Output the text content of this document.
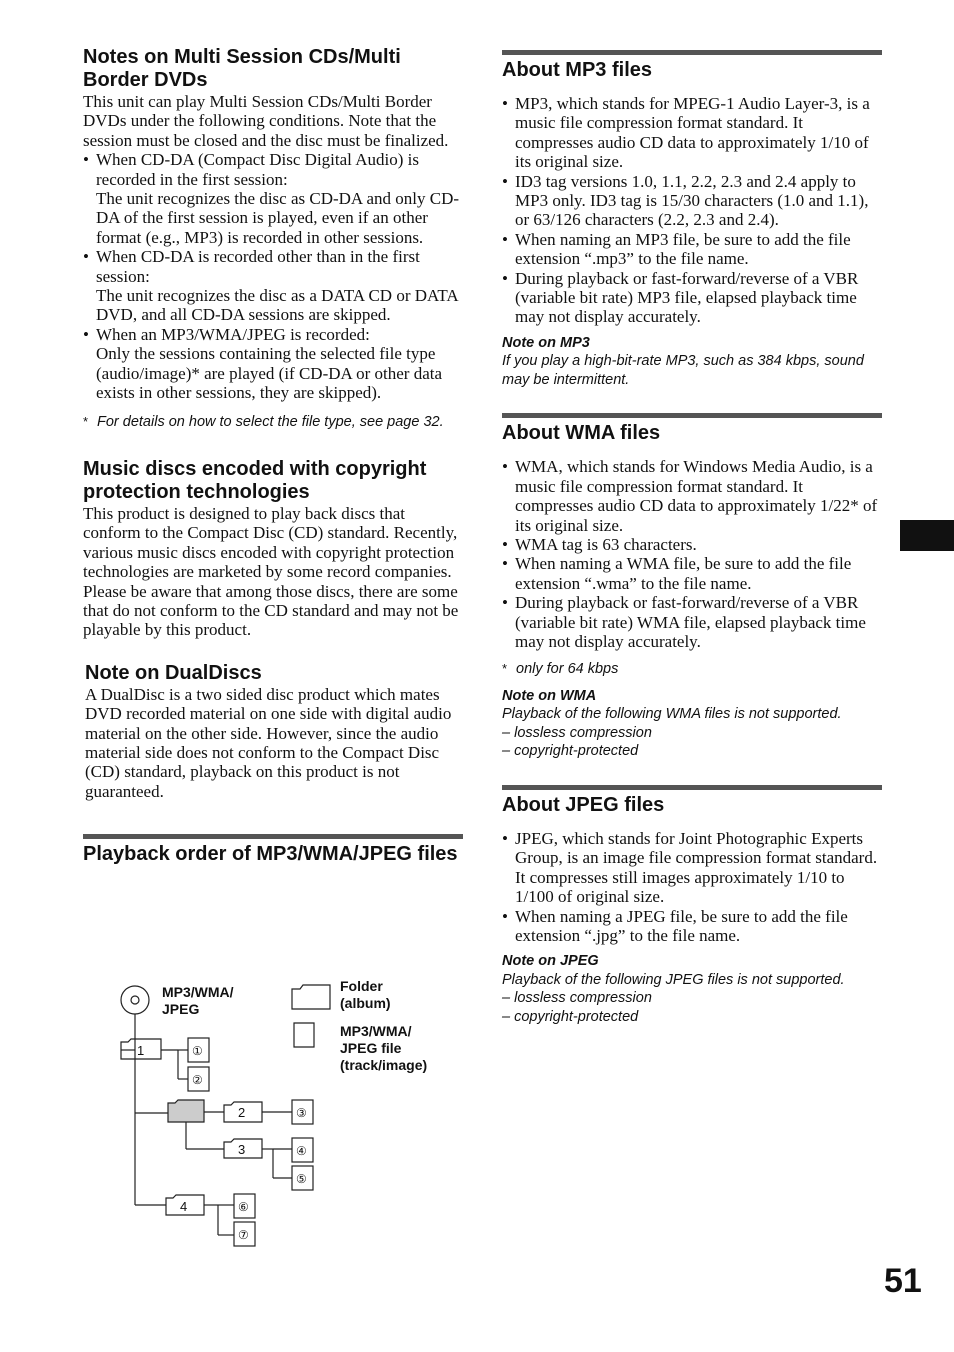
Notes on Multi Session CDs/Multi Border DVDs

This unit can play Multi Session CDs/Multi Border DVDs under the following conditions. Note that the session must be closed and the disc must be finalized.

• When CD-DA (Compact Disc Digital Audio) is recorded in the first session:
The unit recognizes the disc as CD-DA and only CD-DA of the first session is played, even if an other format (e.g., MP3) is recorded in other sessions.
• When CD-DA is recorded other than in the first session:
The unit recognizes the disc as a DATA CD or DATA DVD, and all CD-DA sessions are skipped.
• When an MP3/WMA/JPEG is recorded:
Only the sessions containing the selected file type (audio/image)* are played (if CD-DA or other data exists in other sessions, they are skipped).

* For details on how to select the file type, see page 32.

Music discs encoded with copyright protection technologies

This product is designed to play back discs that conform to the Compact Disc (CD) standard. Recently, various music discs encoded with copyright protection technologies are marketed by some record companies. Please be aware that among those discs, there are some that do not conform to the CD standard and may not be playable by this product.

Note on DualDiscs

A DualDisc is a two sided disc product which mates DVD recorded material on one side with digital audio material on the other side. However, since the audio material side does not conform to the Compact Disc (CD) standard, playback on this product is not guaranteed.

Playback order of MP3/WMA/JPEG files
MP3/WMA/
JPEG
Folder
(album)
MP3/WMA/
JPEG file
(track/image)
1
2
3
4
①
②
③
④
⑤
⑥
⑦
About MP3 files
• MP3, which stands for MPEG-1 Audio Layer-3, is a music file compression format standard. It compresses audio CD data to approximately 1/10 of its original size.
• ID3 tag versions 1.0, 1.1, 2.2, 2.3 and 2.4 apply to MP3 only. ID3 tag is 15/30 characters (1.0 and 1.1), or 63/126 characters (2.2, 2.3 and 2.4).
• When naming an MP3 file, be sure to add the file extension “.mp3” to the file name.
• During playback or fast-forward/reverse of a VBR (variable bit rate) MP3 file, elapsed playback time may not display accurately.

Note on MP3

If you play a high-bit-rate MP3, such as 384 kbps, sound may be intermittent.

About WMA files
• WMA, which stands for Windows Media Audio, is a music file compression format standard. It compresses audio CD data to approximately 1/22* of its original size.
• WMA tag is 63 characters.
• When naming a WMA file, be sure to add the file extension “.wma” to the file name.
• During playback or fast-forward/reverse of a VBR (variable bit rate) WMA file, elapsed playback time may not display accurately.

* only for 64 kbps

Note on WMA

Playback of the following WMA files is not supported.

– lossless compression

– copyright-protected

About JPEG files
• JPEG, which stands for Joint Photographic Experts Group, is an image file compression format standard. It compresses still images approximately 1/10 to 1/100 of original size.
• When naming a JPEG file, be sure to add the file extension “.jpg” to the file name.

Note on JPEG

Playback of the following JPEG files is not supported.

– lossless compression

– copyright-protected

51
